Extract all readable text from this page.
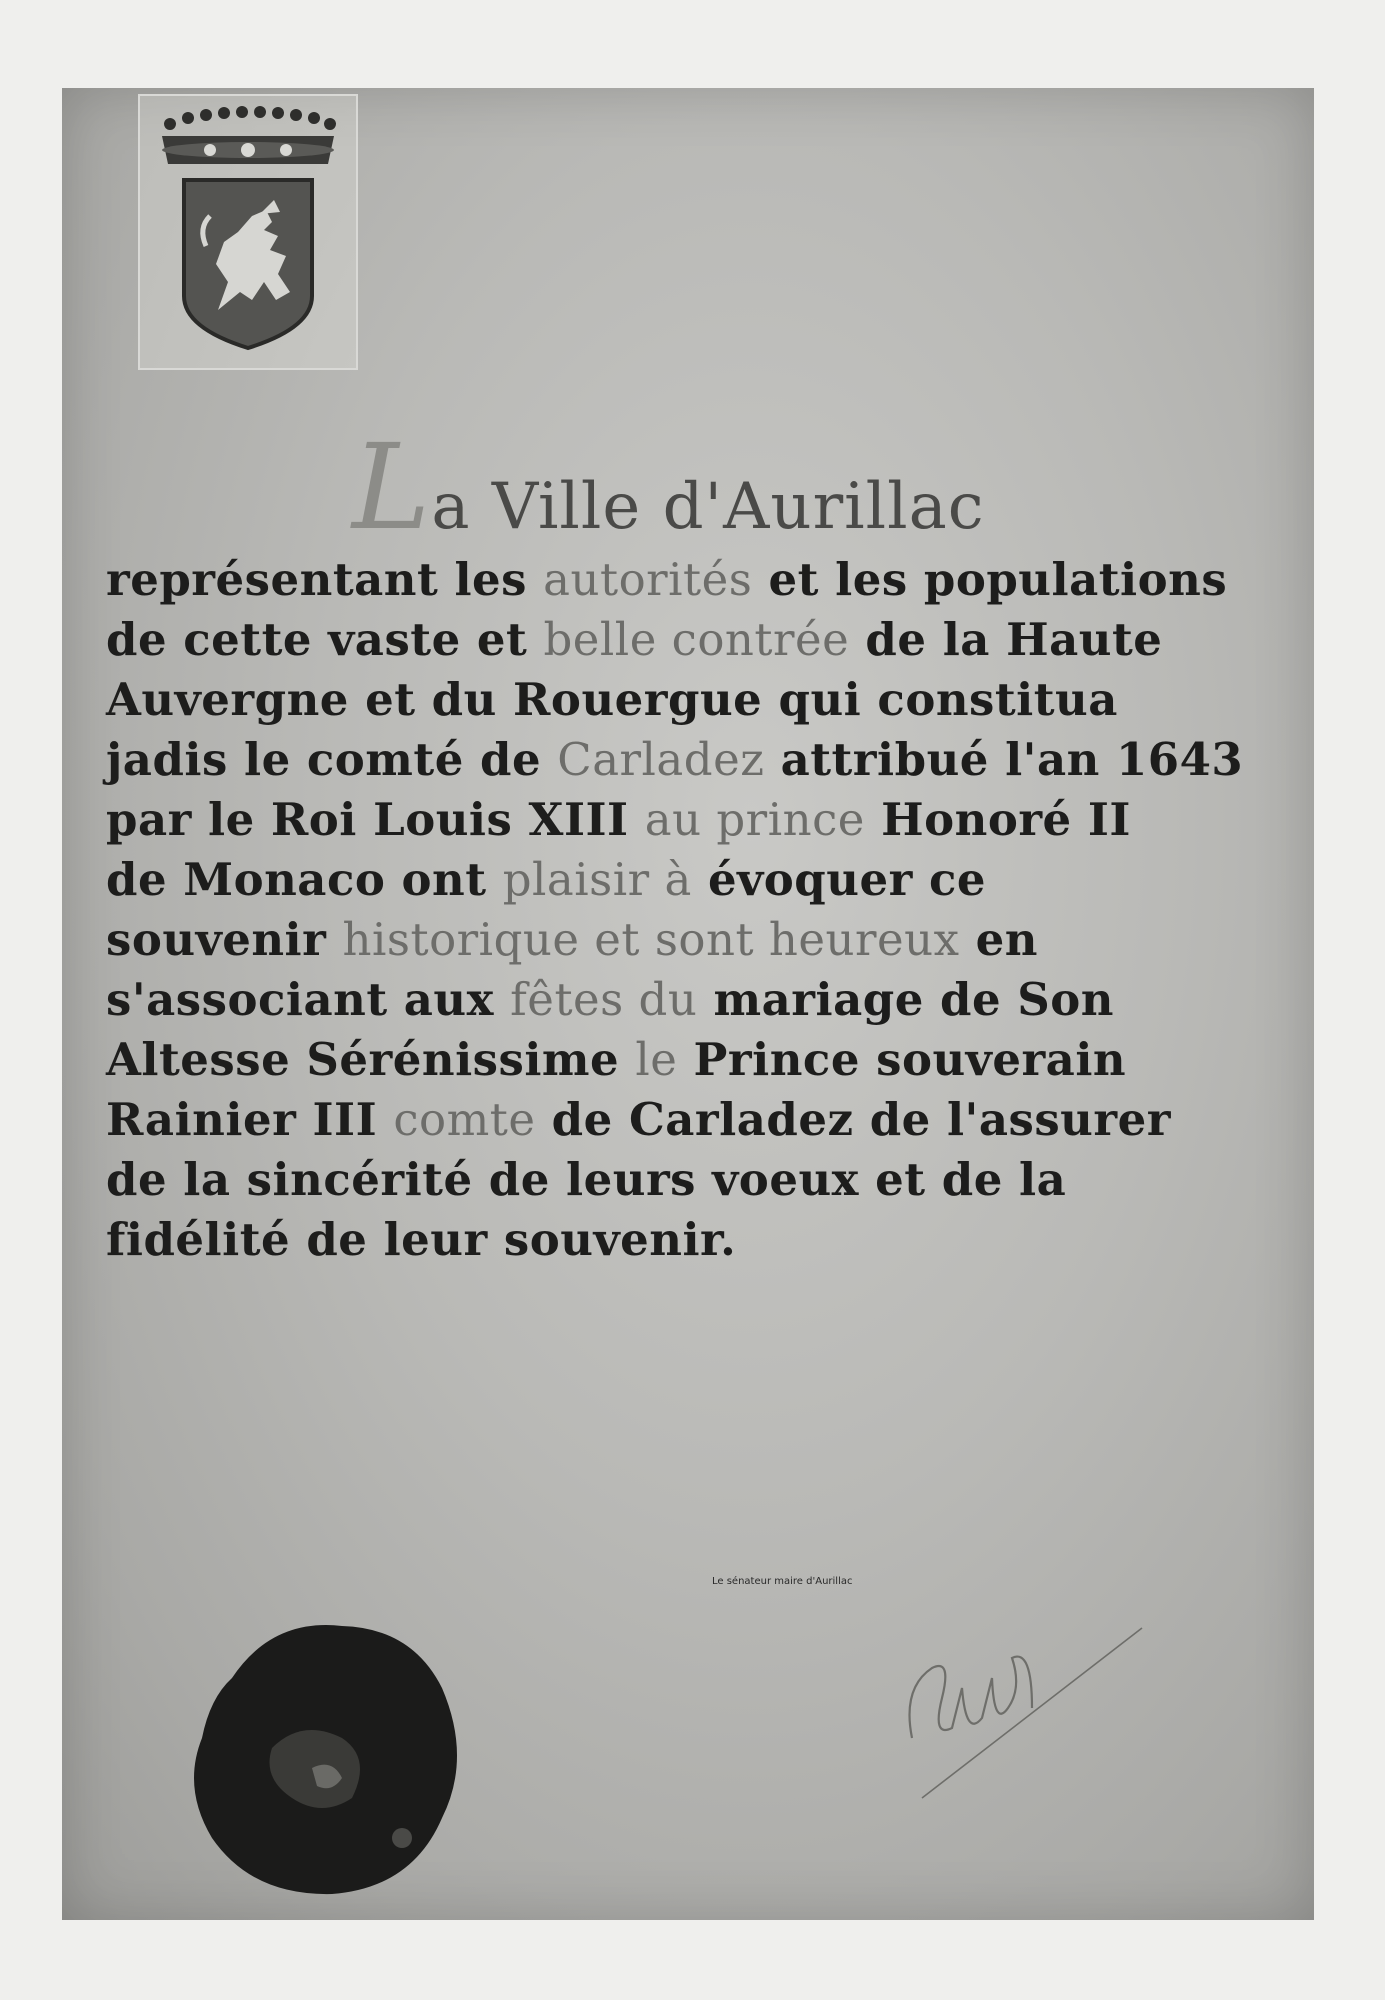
La Ville d'Aurillac
représentant les autorités et les populations
de cette vaste et belle contrée de la Haute
Auvergne et du Rouergue qui constitua
jadis le comté de Carladez attribué l'an 1643
par le Roi Louis XIII au prince Honoré II
de Monaco ont plaisir à évoquer ce
souvenir historique et sont heureux en
s'associant aux fêtes du mariage de Son
Altesse Sérénissime le Prince souverain
Rainier III comte de Carladez de l'assurer
de la sincérité de leurs voeux et de la
fidélité de leur souvenir.
Le sénateur maire d'Aurillac
